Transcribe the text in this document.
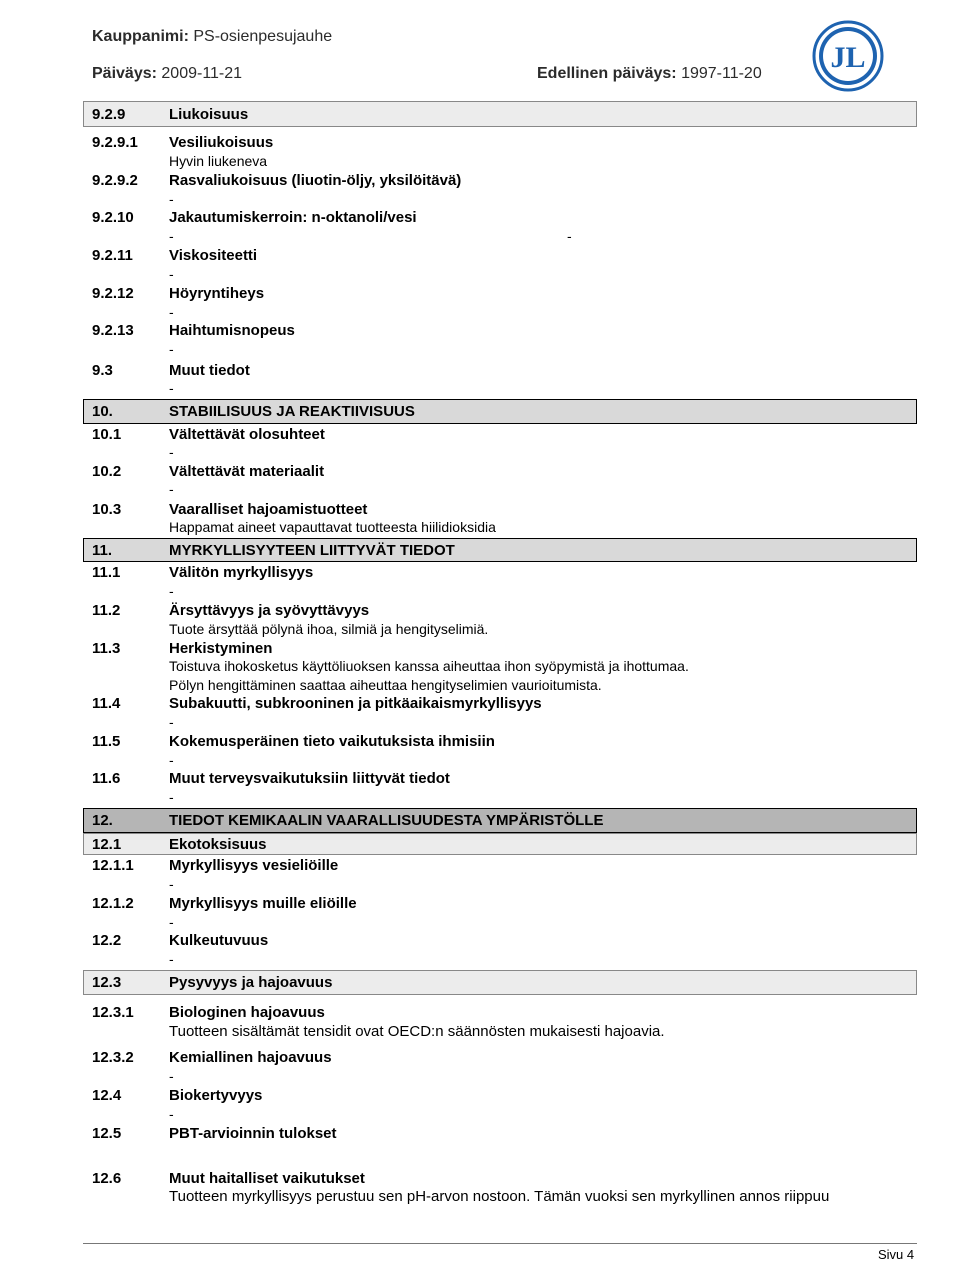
Kauppanimi: PS-osienpesujauhe
Päiväys: 2009-11-21	Edellinen päiväys: 1997-11-20 JL
9.2.9	Liukoisuus
9.2.9.1 Vesiliukoisuus
Hyvin liukeneva
9.2.9.2 Rasvaliukoisuus (liuotin-öljy, yksilöitävä)
-
9.2.10 Jakautumiskerroin: n-oktanoli/vesi
-	-
9.2.11 Viskositeetti
-
9.2.12 Höyryntiheys
-
9.2.13 Haihtumisnopeus
-
9.3	Muut tiedot
-
10.	STABIILISUUS JA REAKTIIVISUUS
10.1	Vältettävät olosuhteet
-
10.2	Vältettävät materiaalit
-
10.3	Vaaralliset hajoamistuotteet
Happamat aineet vapauttavat tuotteesta hiilidioksidia
11.	MYRKYLLISYYTEEN LIITTYVÄT TIEDOT
11.1	Välitön myrkyllisyys
-
11.2	Ärsyttävyys ja syövyttävyys
Tuote ärsyttää pölynä ihoa, silmiä ja hengityselimiä.
11.3	Herkistyminen
Toistuva ihokosketus käyttöliuoksen kanssa aiheuttaa ihon syöpymistä ja ihottumaa.
Pölyn hengittäminen saattaa aiheuttaa hengityselimien vaurioitumista.
11.4	Subakuutti, subkrooninen ja pitkäaikaismyrkyllisyys
-
11.5	Kokemusperäinen tieto vaikutuksista ihmisiin
-
11.6	Muut terveysvaikutuksiin liittyvät tiedot
-
12.	TIEDOT KEMIKAALIN VAARALLISUUDESTA YMPÄRISTÖLLE
12.1	Ekotoksisuus
12.1.1 Myrkyllisyys vesieliöille
-
12.1.2 Myrkyllisyys muille eliöille
-
12.2	Kulkeutuvuus
-
12.3	Pysyvyys ja hajoavuus
12.3.1 Biologinen hajoavuus
Tuotteen sisältämät tensidit ovat OECD:n säännösten mukaisesti hajoavia.
12.3.2 Kemiallinen hajoavuus
-
12.4	Biokertyvyys
-
12.5	PBT-arvioinnin tulokset
12.6	Muut haitalliset vaikutukset
Tuotteen myrkyllisyys perustuu sen pH-arvon nostoon. Tämän vuoksi sen myrkyllinen annos riippuu
Sivu 4
